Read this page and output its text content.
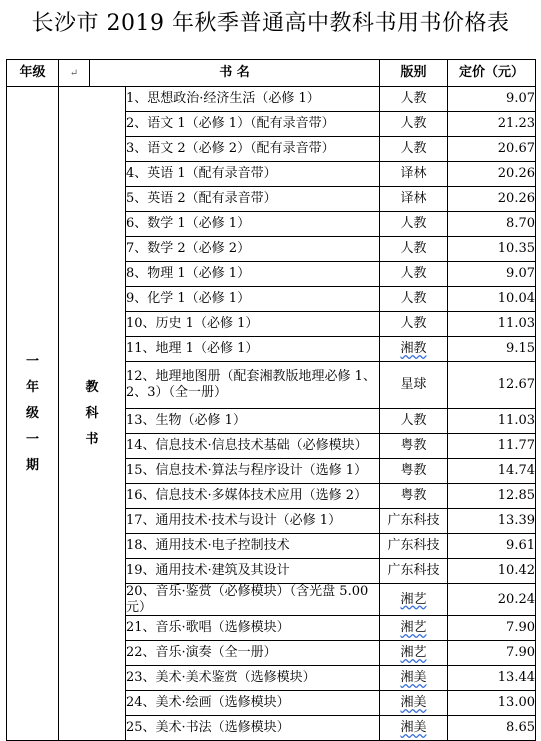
长沙市 2019 年秋季普通高中教科书用书价格表
年级	↵	书 名		版别	定价（元）
一年级一期	教科书		1、思想政治·经济生活（必修 1）	人教	9.07
			2、语文 1（必修 1）（配有录音带）	人教	21.23
			3、语文 2（必修 2）（配有录音带）	人教	20.67
			4、英语 1（配有录音带）	译林	20.26
			5、英语 2（配有录音带）	译林	20.26
			6、数学 1（必修 1）	人教	8.70
			7、数学 2（必修 2）	人教	10.35
			8、物理 1（必修 1）	人教	9.07
			9、化学 1（必修 1）	人教	10.04
			10、历史 1（必修 1）	人教	11.03
			11、地理 1（必修 1）	湘教	9.15
			12、地理地图册（配套湘教版地理必修 1、2、3）（全一册）	星球	12.67
			13、生物（必修 1）	人教	11.03
			14、信息技术·信息技术基础（必修模块）	粤教	11.77
			15、信息技术·算法与程序设计（选修 1）	粤教	14.74
			16、信息技术·多媒体技术应用（选修 2）	粤教	12.85
			17、通用技术·技术与设计（必修 1）	广东科技	13.39
			18、通用技术·电子控制技术	广东科技	9.61
			19、通用技术·建筑及其设计	广东科技	10.42
			20、音乐·鉴赏（必修模块）（含光盘 5.00 元）	湘艺	20.24
			21、音乐·歌唱（选修模块）	湘艺	7.90
			22、音乐·演奏（全一册）	湘艺	7.90
			23、美术·美术鉴赏（选修模块）	湘美	13.44
			24、美术·绘画（选修模块）	湘美	13.00
			25、美术·书法（选修模块）	湘美	8.65
